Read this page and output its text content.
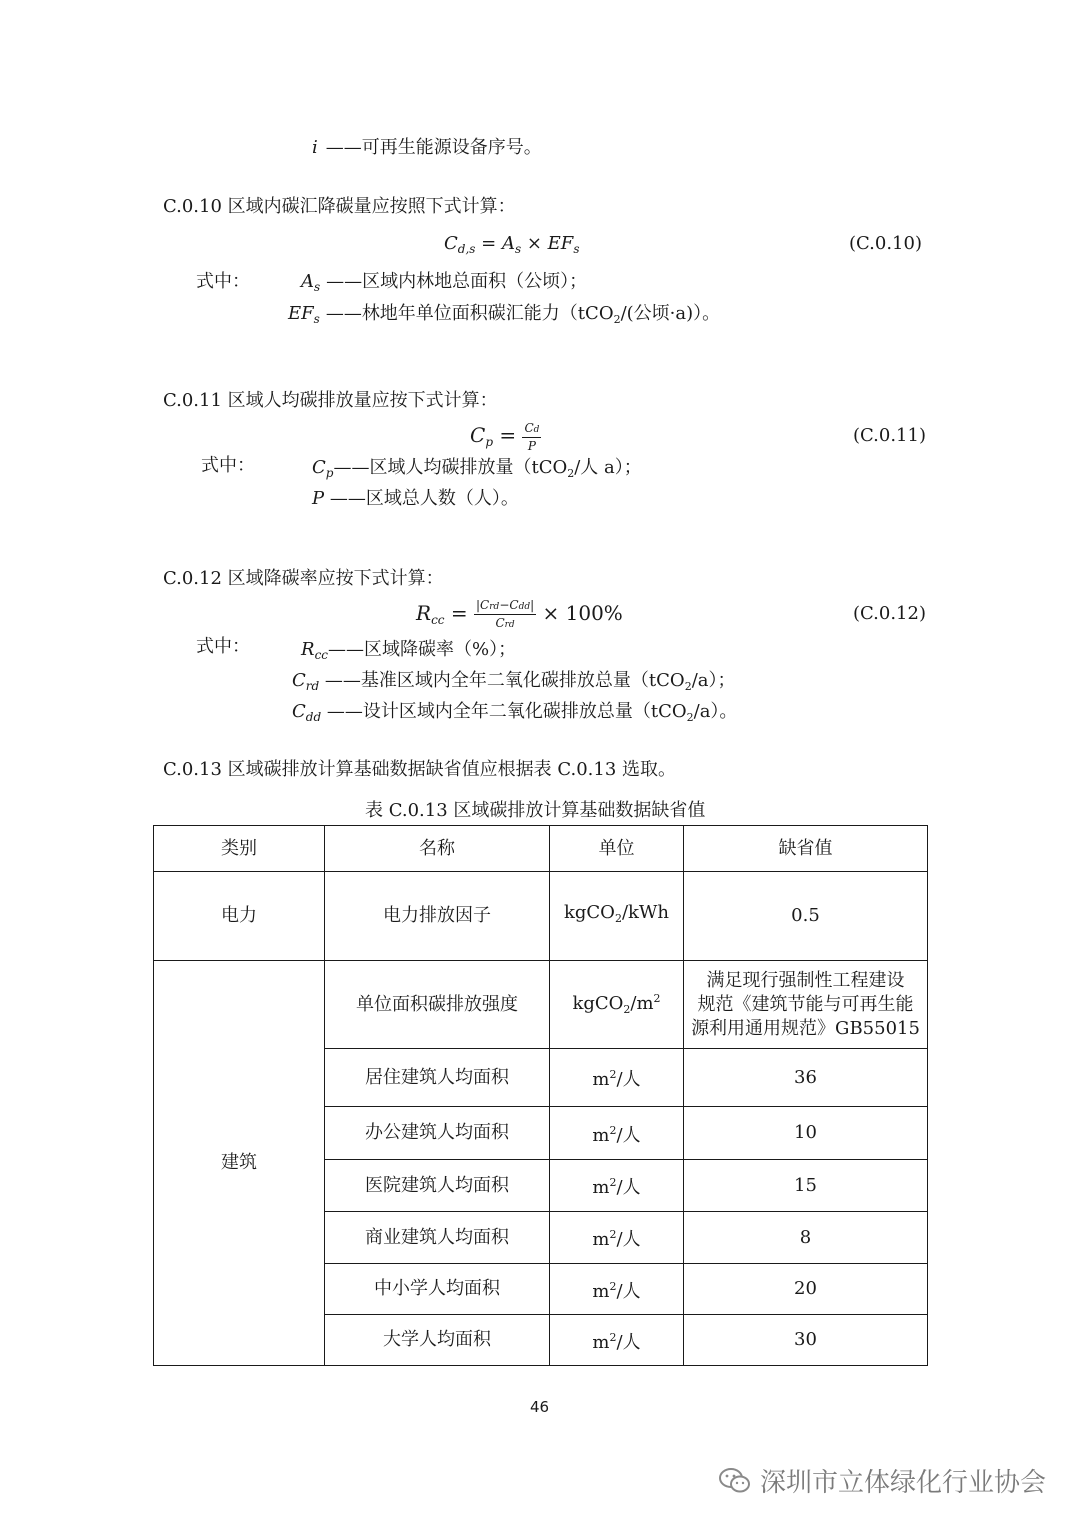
i ——可再生能源设备序号。
C.0.10 区域内碳汇降碳量应按照下式计算：
$C_{d,s} = A_s \times EF_s$	(C.0.10)
式中：	$A_s$ ——区域内林地总面积（公顷）；
$EF_s$ ——林地年单位面积碳汇能力（tCO$_2$/(公顷·a)）。
C.0.11 区域人均碳排放量应按下式计算：
$C_p = \frac{Cd}{P}$	(C.0.11)
式中：	$C_p——$区域人均碳排放量（tCO$_2$/人 a）；
P ——区域总人数（人）。
C.0.12 区域降碳率应按下式计算：
$R_{cc} = \frac{\text{|Crd−Cdd|}}{\text{Crd}} \times 100\%$	(C.0.12)
式中：	$R_{cc}——$区域降碳率（%）；
$C_{rd}$ ——基准区域内全年二氧化碳排放总量（tCO$_2$/a）；
$C_{dd}$ ——设计区域内全年二氧化碳排放总量（tCO$_2$/a）。
C.0.13 区域碳排放计算基础数据缺省值应根据表 C.0.13 选取。
表 C.0.13 区域碳排放计算基础数据缺省值
类别	名称	单位	缺省值
电力	电力排放因子	kgCO$_2$/kWh	0.5
建筑	单位面积碳排放强度	$kgCO_2/m^2$	满足现行强制性工程建设
规范《建筑节能与可再生能
源利用通用规范》GB55015

	居住建筑人均面积	$m^2/$人	36
	办公建筑人均面积	$m^2/$人	10
	医院建筑人均面积	$m^2/$人	15
	商业建筑人均面积	$m^2/$人	8
	中小学人均面积	$m^2/$人	20
	大学人均面积	$m^2/$人	30
46
深圳市立体绿化行业协会
